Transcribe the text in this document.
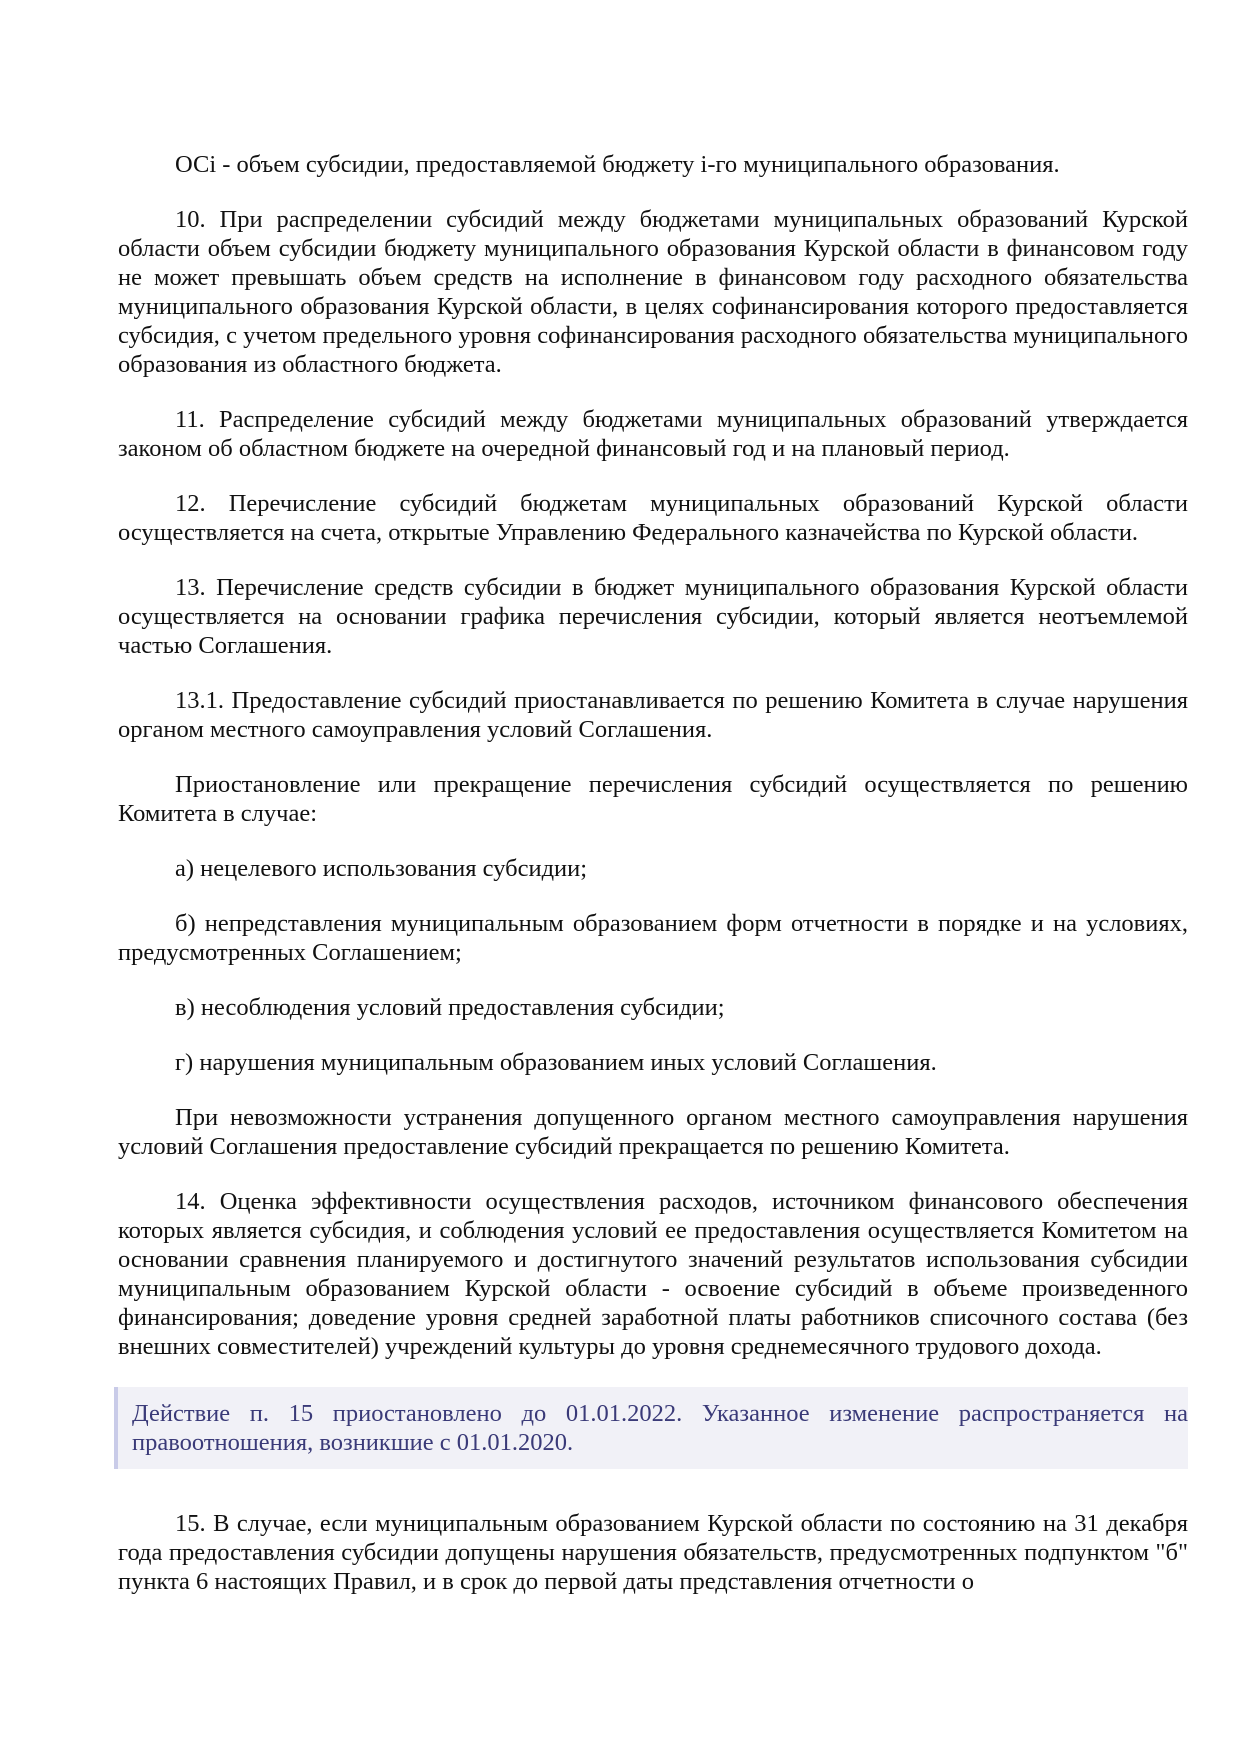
ОСi - объем субсидии, предоставляемой бюджету i-го муниципального образования.

10. При распределении субсидий между бюджетами муниципальных образований Курской области объем субсидии бюджету муниципального образования Курской области в финансовом году не может превышать объем средств на исполнение в финансовом году расходного обязательства муниципального образования Курской области, в целях софинансирования которого предоставляется субсидия, с учетом предельного уровня софинансирования расходного обязательства муниципального образования из областного бюджета.

11. Распределение субсидий между бюджетами муниципальных образований утверждается законом об областном бюджете на очередной финансовый год и на плановый период.

12. Перечисление субсидий бюджетам муниципальных образований Курской области осуществляется на счета, открытые Управлению Федерального казначейства по Курской области.

13. Перечисление средств субсидии в бюджет муниципального образования Курской области осуществляется на основании графика перечисления субсидии, который является неотъемлемой частью Соглашения.

13.1. Предоставление субсидий приостанавливается по решению Комитета в случае нарушения органом местного самоуправления условий Соглашения.

Приостановление или прекращение перечисления субсидий осуществляется по решению Комитета в случае:

а) нецелевого использования субсидии;

б) непредставления муниципальным образованием форм отчетности в порядке и на условиях, предусмотренных Соглашением;

в) несоблюдения условий предоставления субсидии;

г) нарушения муниципальным образованием иных условий Соглашения.

При невозможности устранения допущенного органом местного самоуправления нарушения условий Соглашения предоставление субсидий прекращается по решению Комитета.

14. Оценка эффективности осуществления расходов, источником финансового обеспечения которых является субсидия, и соблюдения условий ее предоставления осуществляется Комитетом на основании сравнения планируемого и достигнутого значений результатов использования субсидии муниципальным образованием Курской области - освоение субсидий в объеме произведенного финансирования; доведение уровня средней заработной платы работников списочного состава (без внешних совместителей) учреждений культуры до уровня среднемесячного трудового дохода.

Действие п. 15 приостановлено до 01.01.2022. Указанное изменение распространяется на правоотношения, возникшие с 01.01.2020.

15. В случае, если муниципальным образованием Курской области по состоянию на 31 декабря года предоставления субсидии допущены нарушения обязательств, предусмотренных подпунктом "б" пункта 6 настоящих Правил, и в срок до первой даты представления отчетности о
